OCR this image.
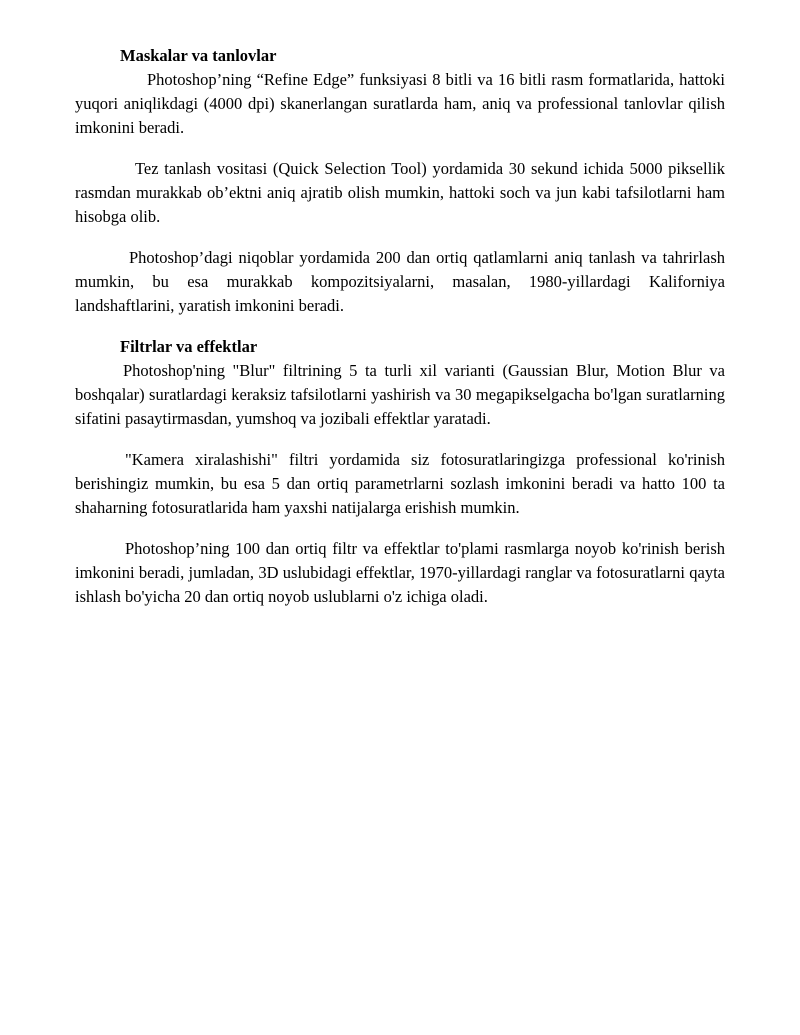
Maskalar va tanlovlar

Photoshop’ning “Refine Edge” funksiyasi 8 bitli va 16 bitli rasm formatlarida, hattoki yuqori aniqlikdagi (4000 dpi) skanerlangan suratlarda ham, aniq va professional tanlovlar qilish imkonini beradi.

Tez tanlash vositasi (Quick Selection Tool) yordamida 30 sekund ichida 5000 piksellik rasmdan murakkab ob’ektni aniq ajratib olish mumkin, hattoki soch va jun kabi tafsilotlarni ham hisobga olib.

Photoshop’dagi niqoblar yordamida 200 dan ortiq qatlamlarni aniq tanlash va tahrirlash mumkin, bu esa murakkab kompozitsiyalarni, masalan, 1980-yillardagi Kaliforniya landshaftlarini, yaratish imkonini beradi.

Filtrlar va effektlar

Photoshop'ning "Blur" filtrining 5 ta turli xil varianti (Gaussian Blur, Motion Blur va boshqalar) suratlardagi keraksiz tafsilotlarni yashirish va 30 megapikselgacha bo'lgan suratlarning sifatini pasaytirmasdan, yumshoq va jozibali effektlar yaratadi.

"Kamera xiralashishi" filtri yordamida siz fotosuratlaringizga professional ko'rinish berishingiz mumkin, bu esa 5 dan ortiq parametrlarni sozlash imkonini beradi va hatto 100 ta shaharning fotosuratlarida ham yaxshi natijalarga erishish mumkin.

Photoshop’ning 100 dan ortiq filtr va effektlar to'plami rasmlarga noyob ko'rinish berish imkonini beradi, jumladan, 3D uslubidagi effektlar, 1970-yillardagi ranglar va fotosuratlarni qayta ishlash bo'yicha 20 dan ortiq noyob uslublarni o'z ichiga oladi.
